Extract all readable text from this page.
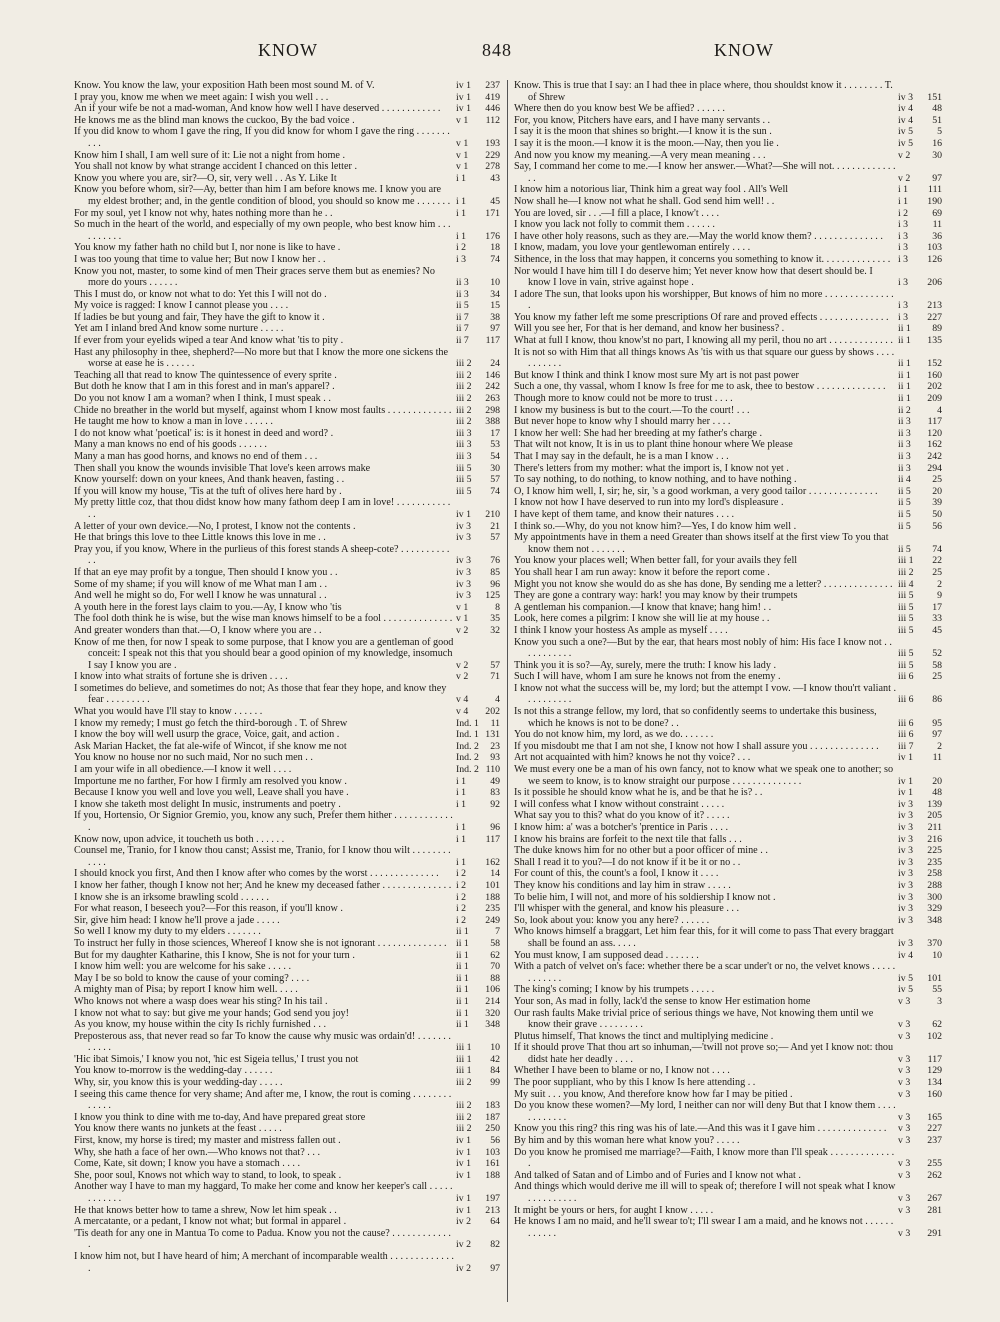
KNOW	848	KNOW

Know. You know the law, your exposition Hath been most sound M. of V.	iv 1 237

I pray you, know me when we meet again: I wish you well . . .	iv 1 419

An if your wife be not a mad-woman, And know how well I have deserved . . . . . . . . . . . . iv 1 446

He knows me as the blind man knows the cuckoo, By the bad voice .	v 1 112

If you did know to whom I gave the ring, If you did know for whom I gave the ring . . . . . . . . . .	v 1 193

Know him I shall, I am well sure of it: Lie not a night from home .	v 1 229

You shall not know by what strange accident I chanced on this letter .	v 1 278

Know you where you are, sir?—O, sir, very well . . As Y. Like It	i 1 43

Know you before whom, sir?—Ay, better than him I am before knows me. I know you are my eldest brother; and, in the gentle condition of blood, you should so know me . . . . . . . i 1 45

For my soul, yet I know not why, hates nothing more than he . .	i 1 171

So much in the heart of the world, and especially of my own people, who best know him . . . . . . . . . .	i 1 176

You know my father hath no child but I, nor none is like to have .	i 2 18

I was too young that time to value her; But now I know her . .	i 3 74

Know you not, master, to some kind of men Their graces serve them but as enemies? No more do yours . . . . . .	ii 3 10

This I must do, or know not what to do: Yet this I will not do .	ii 3 34

My voice is ragged: I know I cannot please you . . . .	ii 5 15

If ladies be but young and fair, They have the gift to know it .	ii 7 38

Yet am I inland bred And know some nurture . . . . .	ii 7 97

If ever from your eyelids wiped a tear And know what 'tis to pity .	ii 7 117

Hast any philosophy in thee, shepherd?—No more but that I know the more one sickens the worse at ease he is . . . . . .	iii 2 24

Teaching all that read to know The quintessence of every sprite .	iii 2 146

But doth he know that I am in this forest and in man's apparel? .	iii 2 242

Do you not know I am a woman? when I think, I must speak . .	iii 2 263

Chide no breather in the world but myself, against whom I know most faults . . . . . . . . . . . . . iii 2 298

He taught me how to know a man in love . . . . . .	iii 2 388

I do not know what 'poetical' is: is it honest in deed and word? .	iii 3 17

Many a man knows no end of his goods . . . . . .	iii 3 53

Many a man has good horns, and knows no end of them . . .	iii 3 54

Then shall you know the wounds invisible That love's keen arrows make	iii 5 30

Know yourself: down on your knees, And thank heaven, fasting . .	iii 5 57

If you will know my house, 'Tis at the tuft of olives here hard by .	iii 5 74

My pretty little coz, that thou didst know how many fathom deep I am in love! . . . . . . . . . . . . .	iv 1 210

A letter of your own device.—No, I protest, I know not the contents .	iv 3 21

He that brings this love to thee Little knows this love in me . .	iv 3 57

Pray you, if you know, Where in the purlieus of this forest stands A sheep-cote? . . . . . . . . . . . .	iv 3 76

If that an eye may profit by a tongue, Then should I know you . .	iv 3 85

Some of my shame; if you will know of me What man I am . .	iv 3 96

And well he might so do, For well I know he was unnatural . .	iv 3 125

A youth here in the forest lays claim to you.—Ay, I know who 'tis	v 1	8

The fool doth think he is wise, but the wise man knows himself to be a fool . . . . . . . . . . . . . . v 1 35

And greater wonders than that.—O, I know where you are . .	v 2 32

Know of me then, for now I speak to some purpose, that I know you are a gentleman of good conceit: I speak not this that you should bear a good opinion of my knowledge, insomuch I say I know you are .	v 2 57

I know into what straits of fortune she is driven . . . .	v 2 71

I sometimes do believe, and sometimes do not; As those that fear they hope, and know they fear . . . . . . . . .	v 4	4

What you would have I'll stay to know . . . . . .	v 4 202

I know my remedy; I must go fetch the third-borough . T. of Shrew	Ind. 1 11

I know the boy will well usurp the grace, Voice, gait, and action .	Ind. 1 131

Ask Marian Hacket, the fat ale-wife of Wincot, if she know me not	Ind. 2 23

You know no house nor no such maid, Nor no such men . .	Ind. 2 93

I am your wife in all obedience.—I know it well . . . .	Ind. 2 110

Importune me no farther, For how I firmly am resolved you know .	i 1 49

Because I know you well and love you well, Leave shall you have .	i 1 83

I know she taketh most delight In music, instruments and poetry .	i 1 92

If you, Hortensio, Or Signior Gremio, you, know any such, Prefer them hither . . . . . . . . . . . . .	i 1 96

Know now, upon advice, it toucheth us both . . . . . .	i 1 117

Counsel me, Tranio, for I know thou canst; Assist me, Tranio, for I know thou wilt . . . . . . . . . . . .	i 1 162

I should knock you first, And then I know after who comes by the worst . . . . . . . . . . . . . . i 2 14

I know her father, though I know not her; And he knew my deceased father . . . . . . . . . . . . . . i 2 101

I know she is an irksome brawling scold . . . . . .	i 2 188

For what reason, I beseech you?—For this reason, if you'll know .	i 2 235

Sir, give him head: I know he'll prove a jade . . . . .	i 2 249

So well I know my duty to my elders . . . . . . .	ii 1	7

To instruct her fully in those sciences, Whereof I know she is not ignorant . . . . . . . . . . . . . . ii 1 58

But for my daughter Katharine, this I know, She is not for your turn .	ii 1 62

I know him well: you are welcome for his sake . . . . .	ii 1 70

May I be so bold to know the cause of your coming? . . . .	ii 1 88

A mighty man of Pisa; by report I know him well. . . . .	ii 1 106

Who knows not where a wasp does wear his sting? In his tail .	ii 1 214

I know not what to say: but give me your hands; God send you joy!	ii 1 320

As you know, my house within the city Is richly furnished . . .	ii 1 348

Preposterous ass, that never read so far To know the cause why music was ordain'd! . . . . . . . . . . . .	iii 1 10

'Hic ibat Simois,' I know you not, 'hic est Sigeia tellus,' I trust you not	iii 1 42

You know to-morrow is the wedding-day . . . . . .	iii 1 84

Why, sir, you know this is your wedding-day . . . . .	iii 2 99

I seeing this came thence for very shame; And after me, I know, the rout is coming . . . . . . . . . . . . .	iii 2 183

I know you think to dine with me to-day, And have prepared great store	iii 2 187

You know there wants no junkets at the feast . . . . .	iii 2 250

First, know, my horse is tired; my master and mistress fallen out .	iv 1 56

Why, she hath a face of her own.—Who knows not that? . . .	iv 1 103

Come, Kate, sit down; I know you have a stomach . . . .	iv 1 161

She, poor soul, Knows not which way to stand, to look, to speak .	iv 1 188

Another way I have to man my haggard, To make her come and know her keeper's call . . . . . . . . . . . .	iv 1 197

He that knows better how to tame a shrew, Now let him speak . .	iv 1 213

A mercatante, or a pedant, I know not what; but formal in apparel .	iv 2 64

'Tis death for any one in Mantua To come to Padua. Know you not the cause? . . . . . . . . . . . . .	iv 2 82

I know him not, but I have heard of him; A merchant of incomparable wealth . . . . . . . . . . . . . .	iv 2 97

Know. This is true that I say: an I had thee in place where, thou shouldst know it . . . . . . . . T. of Shrew	iv 3 151

Where then do you know best We be affied? . . . . . .	iv 4 48

For, you know, Pitchers have ears, and I have many servants . .	iv 4 51

I say it is the moon that shines so bright.—I know it is the sun .	iv 5 5

I say it is the moon.—I know it is the moon.—Nay, then you lie .	iv 5 16

And now you know my meaning.—A very mean meaning . . .	v 2 30

Say, I command her come to me.—I know her answer.—What?—She will not. . . . . . . . . . . . . . .	v 2 97

I know him a notorious liar, Think him a great way fool . All's Well	i 1 111

Now shall he—I know not what he shall. God send him well! . .	i 1 190

You are loved, sir . . .—I fill a place, I know't . . . .	i 2 69

I know you lack not folly to commit them . . . . . .	i 3 11

I have other holy reasons, such as they are.—May the world know them? . . . . . . . . . . . . . . i 3 36

I know, madam, you love your gentlewoman entirely . . . .	i 3 103

Sithence, in the loss that may happen, it concerns you something to know it. . . . . . . . . . . . . . i 3 126

Nor would I have him till I do deserve him; Yet never know how that desert should be. I know I love in vain, strive against hope .	i 3 206

I adore The sun, that looks upon his worshipper, But knows of him no more . . . . . . . . . . . . . . .	i 3 213

You know my father left me some prescriptions Of rare and proved effects . . . . . . . . . . . . . . i 3 227

Will you see her, For that is her demand, and know her business? .	ii 1 89

What at full I know, thou know'st no part, I knowing all my peril, thou no art . . . . . . . . . . . . . ii 1 135

It is not so with Him that all things knows As 'tis with us that square our guess by shows . . . . . . . . . . .	ii 1 152

But know I think and think I know most sure My art is not past power	ii 1 160

Such a one, thy vassal, whom I know Is free for me to ask, thee to bestow . . . . . . . . . . . . . . ii 1 202

Though more to know could not be more to trust . . . .	ii 1 209

I know my business is but to the court.—To the court! . . .	ii 2	4

But never hope to know why I should marry her . . . .	ii 3 117

I know her well: She had her breeding at my father's charge .	ii 3 120

That wilt not know, It is in us to plant thine honour where We please	ii 3 162

That I may say in the default, he is a man I know . . .	ii 3 242

There's letters from my mother: what the import is, I know not yet .	ii 3 294

To say nothing, to do nothing, to know nothing, and to have nothing .	ii 4 25

O, I know him well, I, sir; he, sir, 's a good workman, a very good tailor . . . . . . . . . . . . . . ii 5 20

I know not how I have deserved to run into my lord's displeasure .	ii 5 39

I have kept of them tame, and know their natures . . . .	ii 5 50

I think so.—Why, do you not know him?—Yes, I do know him well .	ii 5 56

My appointments have in them a need Greater than shows itself at the first view To you that know them not . . . . . . .	ii 5 74

You know your places well; When better fall, for your avails they fell	iii 1 22

You shall hear I am run away: know it before the report come .	iii 2 25

Might you not know she would do as she has done, By sending me a letter? . . . . . . . . . . . . . . iii 4 2

They are gone a contrary way: hark! you may know by their trumpets	iii 5 9

A gentleman his companion.—I know that knave; hang him! . .	iii 5 17

Look, here comes a pilgrim: I know she will lie at my house . .	iii 5 33

I think I know your hostess As ample as myself . . . .	iii 5 45

Know you such a one?—But by the ear, that hears most nobly of him: His face I know not . . . . . . . . . . .	iii 5 52

Think you it is so?—Ay, surely, mere the truth: I know his lady .	iii 5 58

Such I will have, whom I am sure he knows not from the enemy .	iii 6 25

I know not what the success will be, my lord; but the attempt I vow. —I know thou'rt valiant . . . . . . . . . .	iii 6 86

Is not this a strange fellow, my lord, that so confidently seems to undertake this business, which he knows is not to be done? . .	iii 6 95

You do not know him, my lord, as we do. . . . . . .	iii 6 97

If you misdoubt me that I am not she, I know not how I shall assure you . . . . . . . . . . . . . . iii 7 2

Art not acquainted with him? knows he not thy voice? . . .	iv 1 11

We must every one be a man of his own fancy, not to know what we speak one to another; so we seem to know, is to know straight our purpose . . . . . . . . . . . . . .	iv 1 20

Is it possible he should know what he is, and be that he is? . .	iv 1 48

I will confess what I know without constraint . . . . .	iv 3 139

What say you to this? what do you know of it? . . . . .	iv 3 205

I know him: a' was a botcher's 'prentice in Paris . . . .	iv 3 211

I know his brains are forfeit to the next tile that falls . . .	iv 3 216

The duke knows him for no other but a poor officer of mine . .	iv 3 225

Shall I read it to you?—I do not know if it be it or no . .	iv 3 235

For count of this, the count's a fool, I know it . . . .	iv 3 258

They know his conditions and lay him in straw . . . . .	iv 3 288

To belie him, I will not, and more of his soldiership I know not .	iv 3 300

I'll whisper with the general, and know his pleasure . . .	iv 3 329

So, look about you: know you any here? . . . . . .	iv 3 348

Who knows himself a braggart, Let him fear this, for it will come to pass That every braggart shall be found an ass. . . . .	iv 3 370

You must know, I am supposed dead . . . . . . .	iv 4 10

With a patch of velvet on's face: whether there be a scar under't or no, the velvet knows . . . . . . . . . . . .	iv 5 101

The king's coming; I know by his trumpets . . . . .	iv 5 55

Your son, As mad in folly, lack'd the sense to know Her estimation home	v 3	3

Our rash faults Make trivial price of serious things we have, Not knowing them until we know their grave . . . . . . . . .	v 3 62

Plutus himself, That knows the tinct and multiplying medicine .	v 3 102

If it should prove That thou art so inhuman,—'twill not prove so;— And yet I know not: thou didst hate her deadly . . . .	v 3 117

Whether I have been to blame or no, I know not . . . .	v 3 129

The poor suppliant, who by this I know Is here attending . .	v 3 134

My suit . . . you know, And therefore know how far I may be pitied .	v 3 160

Do you know these women?—My lord, I neither can nor will deny But that I know them . . . . . . . . . . . .	v 3 165

Know you this ring? this ring was his of late.—And this was it I gave him . . . . . . . . . . . . . . v 3 227

By him and by this woman here what know you? . . . . .	v 3 237

Do you know he promised me marriage?—Faith, I know more than I'll speak . . . . . . . . . . . . . .	v 3 255

And talked of Satan and of Limbo and of Furies and I know not what .	v 3 262

And things which would derive me ill will to speak of; therefore I will not speak what I know . . . . . . . . . .	v 3 267

It might be yours or hers, for aught I know . . . . .	v 3 281

He knows I am no maid, and he'll swear to't; I'll swear I am a maid, and he knows not . . . . . . . . . . . .	v 3 291
